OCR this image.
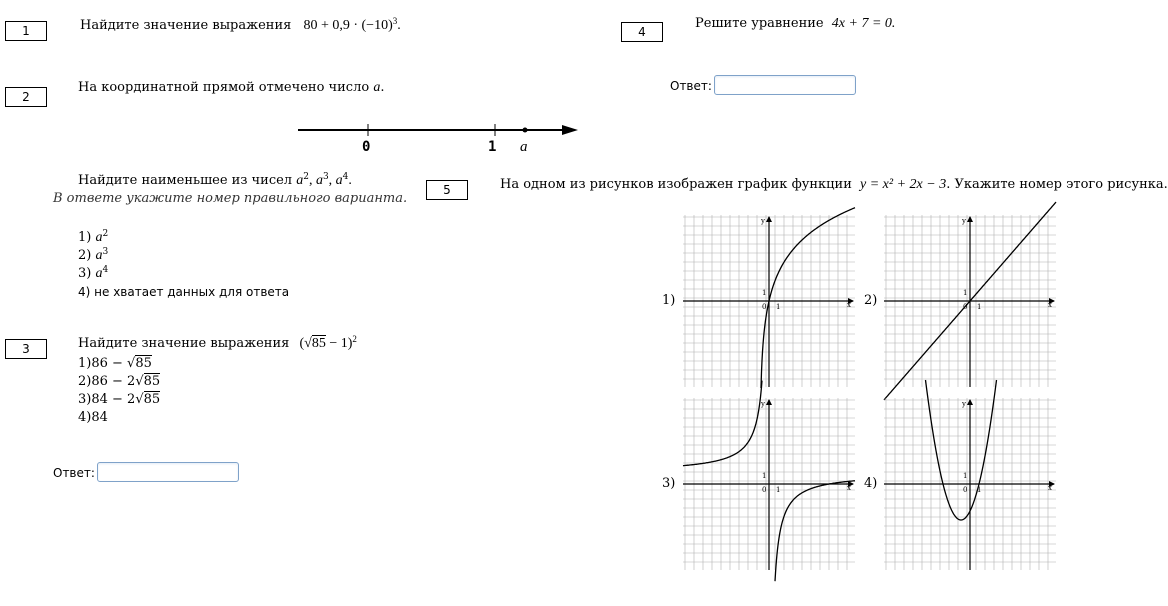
1	Найдите значение выражения $80 + 0,9 \cdot (-10)^3$.
2
На координатной прямой отмечено число a.
0	1 a
Найдите наименьшее из чисел $a^2$, $a^3$, $a^4$.
В ответе укажите номер правильного варианта.
1) $a^2$
2) $a^3$
3) $a^4$
4) не хватает данных для ответа
3	Найдите значение выражения $(√85 - 1)^2$
1)86 − √85
2)86 − 2√85
3)84 − 2√85
4)84
Ответ:
4
Решите уравнение 4x + 7 = 0.
Ответ:
5	На одном из рисунков изображен график функции y = x² + 2x − 3. Укажите номер этого рисунка.
1)	2)
3)	4)
x
y
1
1
0	x
y
1
1
0
x
y
1
1
0	x
y
1
1
0
